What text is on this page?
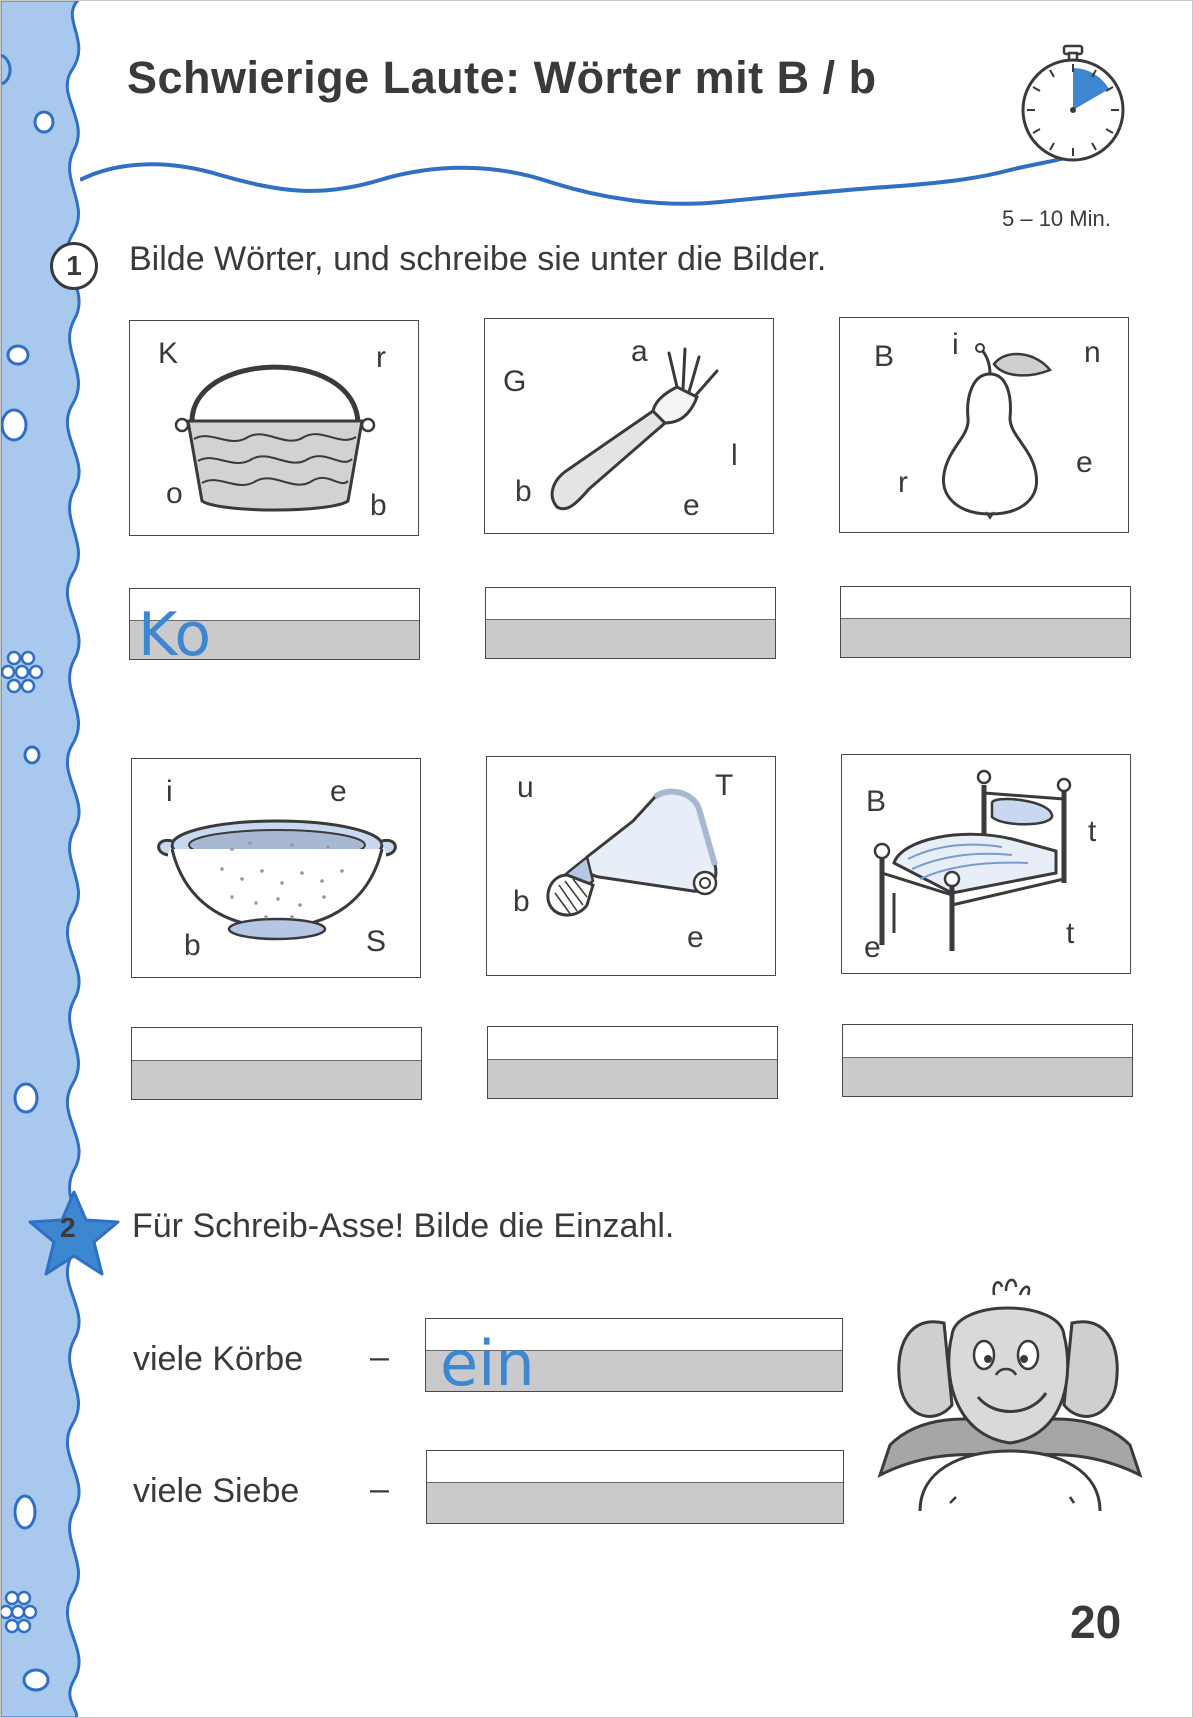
Schwierige Laute: Wörter mit B / b
5 – 10 Min.
1	Bilde Wörter, und schreibe sie unter die Bilder.
K	r
o	b
a
G
l
b	e
B i	n
r
e
Ko
i	e
b	S
u	T
b
e
B
t
e	t
2 Für Schreib-Asse! Bilde die Einzahl.
viele Körbe – ein
viele Siebe –
20
